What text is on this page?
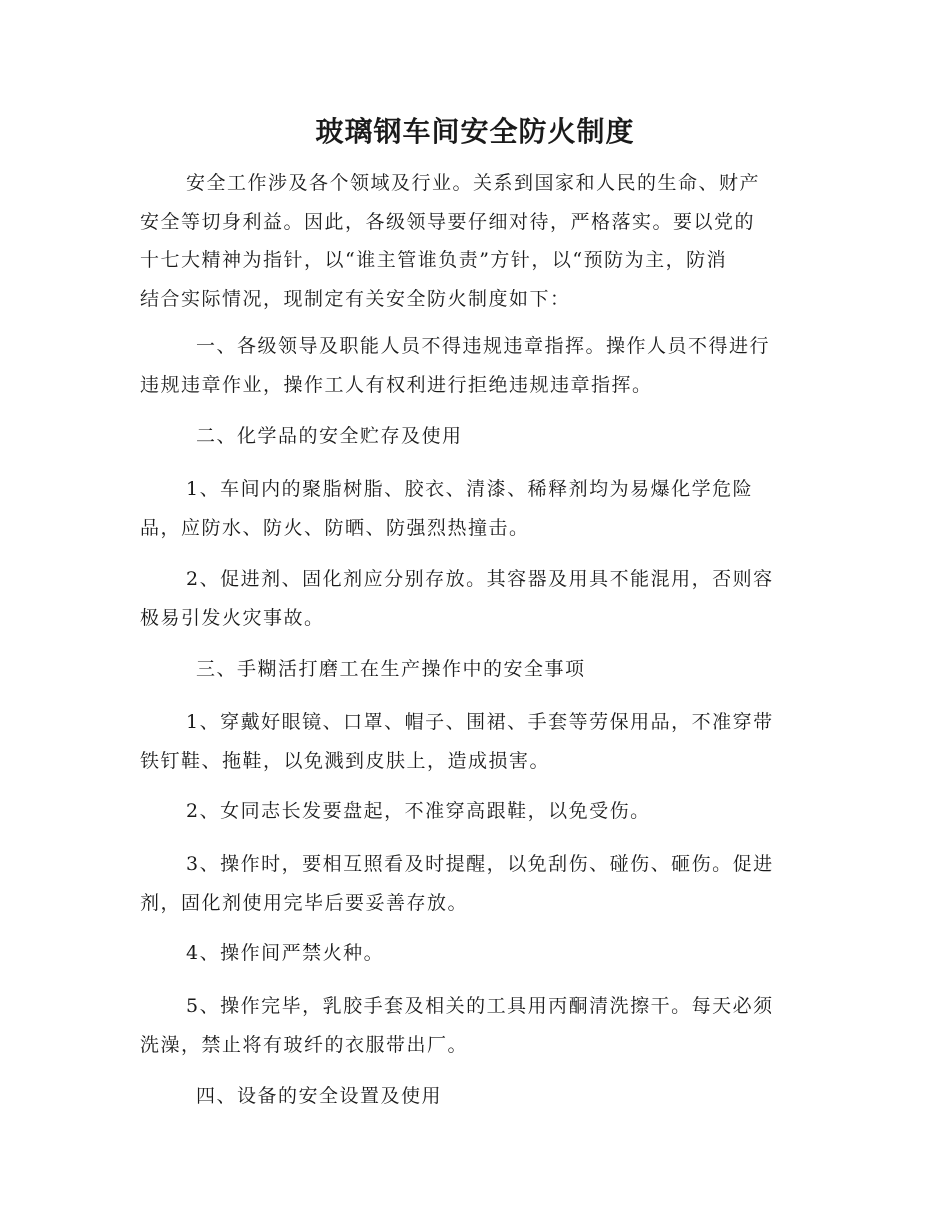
玻璃钢车间安全防火制度
安全工作涉及各个领域及行业。关系到国家和人民的生命、财产
安全等切身利益。因此，各级领导要仔细对待，严格落实。要以党的
十七大精神为指针，以“谁主管谁负责”方针，以“预防为主，防消
结合实际情况，现制定有关安全防火制度如下：
一、各级领导及职能人员不得违规违章指挥。操作人员不得进行
违规违章作业，操作工人有权利进行拒绝违规违章指挥。
二、化学品的安全贮存及使用
1、车间内的聚脂树脂、胶衣、清漆、稀释剂均为易爆化学危险
品，应防水、防火、防晒、防强烈热撞击。
2、促进剂、固化剂应分别存放。其容器及用具不能混用，否则容
极易引发火灾事故。
三、手糊活打磨工在生产操作中的安全事项
1、穿戴好眼镜、口罩、帽子、围裙、手套等劳保用品，不准穿带
铁钉鞋、拖鞋，以免溅到皮肤上，造成损害。
2、女同志长发要盘起，不准穿高跟鞋，以免受伤。
3、操作时，要相互照看及时提醒，以免刮伤、碰伤、砸伤。促进
剂，固化剂使用完毕后要妥善存放。
4、操作间严禁火种。
5、操作完毕，乳胶手套及相关的工具用丙酮清洗擦干。每天必须
洗澡，禁止将有玻纤的衣服带出厂。
四、设备的安全设置及使用
